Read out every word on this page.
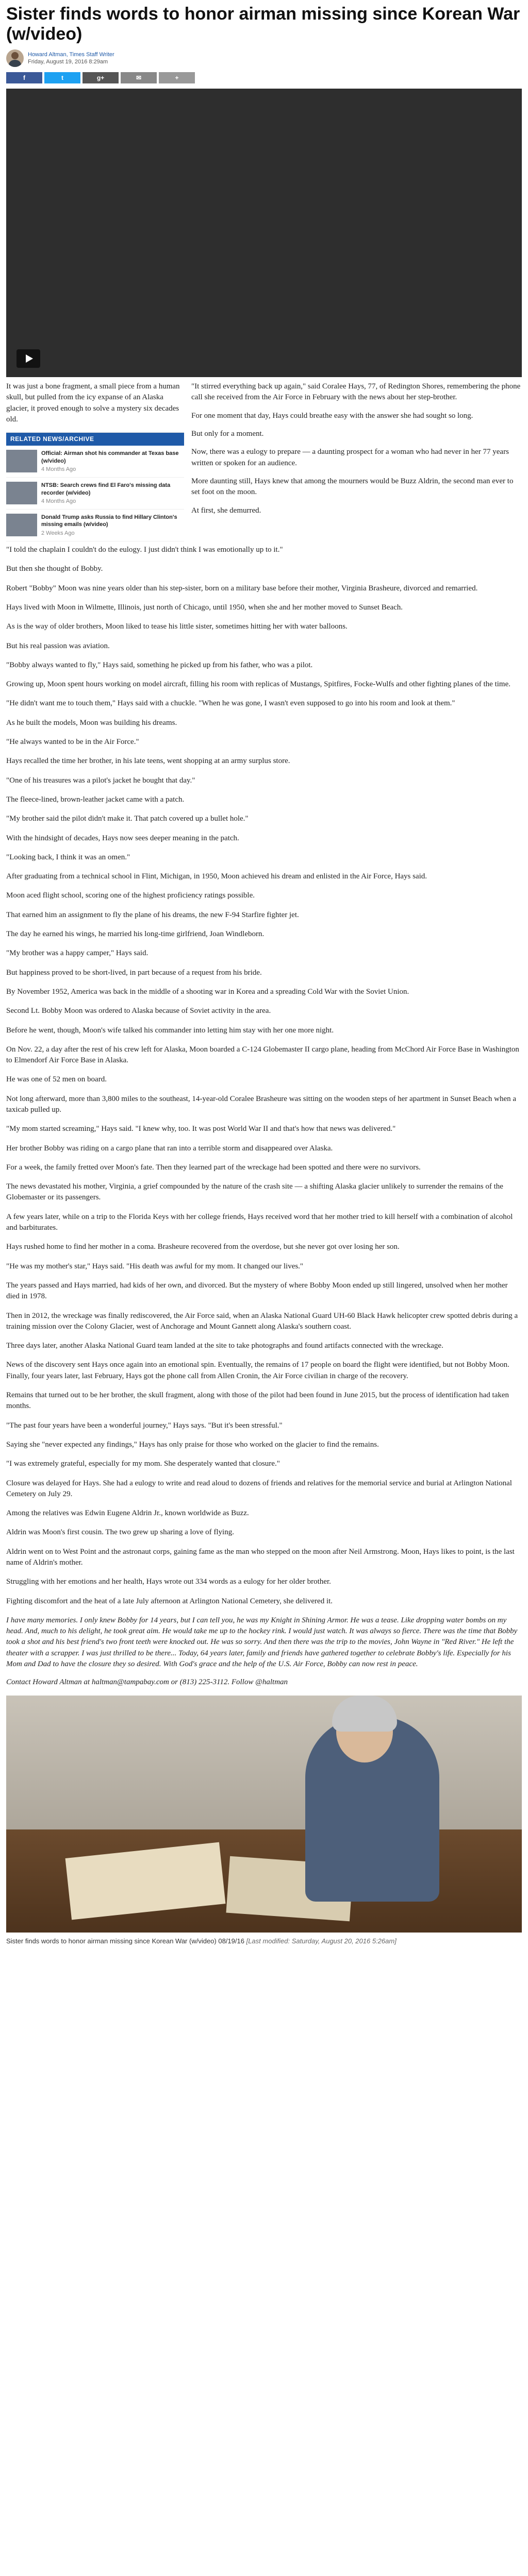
Sister finds words to honor airman missing since Korean War (w/video)
Howard Altman, Times Staff Writer
Friday, August 19, 2016 8:29am
f	t	g+	✉	+

It was just a bone fragment, a small piece from a human skull, but pulled from the icy expanse of an Alaska glacier, it proved enough to solve a mystery six decades old.

RELATED NEWS/ARCHIVE
Official: Airman shot his commander at Texas base (w/video)
4 Months Ago
NTSB: Search crews find El Faro's missing data recorder (w/video)
4 Months Ago
Donald Trump asks Russia to find Hillary Clinton's missing emails (w/video)
2 Weeks Ago

"It stirred everything back up again," said Coralee Hays, 77, of Redington Shores, remembering the phone call she received from the Air Force in February with the news about her step-brother.

For one moment that day, Hays could breathe easy with the answer she had sought so long.

But only for a moment.

Now, there was a eulogy to prepare — a daunting prospect for a woman who had never in her 77 years written or spoken for an audience.

More daunting still, Hays knew that among the mourners would be Buzz Aldrin, the second man ever to set foot on the moon.

At first, she demurred.

"I told the chaplain I couldn't do the eulogy. I just didn't think I was emotionally up to it."

But then she thought of Bobby.

Robert "Bobby" Moon was nine years older than his step-sister, born on a military base before their mother, Virginia Brasheure, divorced and remarried.

Hays lived with Moon in Wilmette, Illinois, just north of Chicago, until 1950, when she and her mother moved to Sunset Beach.

As is the way of older brothers, Moon liked to tease his little sister, sometimes hitting her with water balloons.

But his real passion was aviation.

"Bobby always wanted to fly," Hays said, something he picked up from his father, who was a pilot.

Growing up, Moon spent hours working on model aircraft, filling his room with replicas of Mustangs, Spitfires, Focke-Wulfs and other fighting planes of the time.

"He didn't want me to touch them," Hays said with a chuckle. "When he was gone, I wasn't even supposed to go into his room and look at them."

As he built the models, Moon was building his dreams.

"He always wanted to be in the Air Force."

Hays recalled the time her brother, in his late teens, went shopping at an army surplus store.

"One of his treasures was a pilot's jacket he bought that day."

The fleece-lined, brown-leather jacket came with a patch.

"My brother said the pilot didn't make it. That patch covered up a bullet hole."

With the hindsight of decades, Hays now sees deeper meaning in the patch.

"Looking back, I think it was an omen."

After graduating from a technical school in Flint, Michigan, in 1950, Moon achieved his dream and enlisted in the Air Force, Hays said.

Moon aced flight school, scoring one of the highest proficiency ratings possible.

That earned him an assignment to fly the plane of his dreams, the new F-94 Starfire fighter jet.

The day he earned his wings, he married his long-time girlfriend, Joan Windleborn.

"My brother was a happy camper," Hays said.

But happiness proved to be short-lived, in part because of a request from his bride.

By November 1952, America was back in the middle of a shooting war in Korea and a spreading Cold War with the Soviet Union.

Second Lt. Bobby Moon was ordered to Alaska because of Soviet activity in the area.

Before he went, though, Moon's wife talked his commander into letting him stay with her one more night.

On Nov. 22, a day after the rest of his crew left for Alaska, Moon boarded a C-124 Globemaster II cargo plane, heading from McChord Air Force Base in Washington to Elmendorf Air Force Base in Alaska.

He was one of 52 men on board.

Not long afterward, more than 3,800 miles to the southeast, 14-year-old Coralee Brasheure was sitting on the wooden steps of her apartment in Sunset Beach when a taxicab pulled up.

"My mom started screaming," Hays said. "I knew why, too. It was post World War II and that's how that news was delivered."

Her brother Bobby was riding on a cargo plane that ran into a terrible storm and disappeared over Alaska.

For a week, the family fretted over Moon's fate. Then they learned part of the wreckage had been spotted and there were no survivors.

The news devastated his mother, Virginia, a grief compounded by the nature of the crash site — a shifting Alaska glacier unlikely to surrender the remains of the Globemaster or its passengers.

A few years later, while on a trip to the Florida Keys with her college friends, Hays received word that her mother tried to kill herself with a combination of alcohol and barbiturates.

Hays rushed home to find her mother in a coma. Brasheure recovered from the overdose, but she never got over losing her son.

"He was my mother's star," Hays said. "His death was awful for my mom. It changed our lives."

The years passed and Hays married, had kids of her own, and divorced. But the mystery of where Bobby Moon ended up still lingered, unsolved when her mother died in 1978.

Then in 2012, the wreckage was finally rediscovered, the Air Force said, when an Alaska National Guard UH-60 Black Hawk helicopter crew spotted debris during a training mission over the Colony Glacier, west of Anchorage and Mount Gannett along Alaska's southern coast.

Three days later, another Alaska National Guard team landed at the site to take photographs and found artifacts connected with the wreckage.

News of the discovery sent Hays once again into an emotional spin. Eventually, the remains of 17 people on board the flight were identified, but not Bobby Moon. Finally, four years later, last February, Hays got the phone call from Allen Cronin, the Air Force civilian in charge of the recovery.

Remains that turned out to be her brother, the skull fragment, along with those of the pilot had been found in June 2015, but the process of identification had taken months.

"The past four years have been a wonderful journey," Hays says. "But it's been stressful."

Saying she "never expected any findings," Hays has only praise for those who worked on the glacier to find the remains.

"I was extremely grateful, especially for my mom. She desperately wanted that closure."

Closure was delayed for Hays. She had a eulogy to write and read aloud to dozens of friends and relatives for the memorial service and burial at Arlington National Cemetery on July 29.

Among the relatives was Edwin Eugene Aldrin Jr., known worldwide as Buzz.

Aldrin was Moon's first cousin. The two grew up sharing a love of flying.

Aldrin went on to West Point and the astronaut corps, gaining fame as the man who stepped on the moon after Neil Armstrong. Moon, Hays likes to point, is the last name of Aldrin's mother.

Struggling with her emotions and her health, Hays wrote out 334 words as a eulogy for her older brother.

Fighting discomfort and the heat of a late July afternoon at Arlington National Cemetery, she delivered it.

I have many memories. I only knew Bobby for 14 years, but I can tell you, he was my Knight in Shining Armor. He was a tease. Like dropping water bombs on my head. And, much to his delight, he took great aim. He would take me up to the hockey rink. I would just watch. It was always so fierce. There was the time that Bobby took a shot and his best friend's two front teeth were knocked out. He was so sorry. And then there was the trip to the movies, John Wayne in "Red River." He left the theater with a scrapper. I was just thrilled to be there... Today, 64 years later, family and friends have gathered together to celebrate Bobby's life. Especially for his Mom and Dad to have the closure they so desired. With God's grace and the help of the U.S. Air Force, Bobby can now rest in peace.

Contact Howard Altman at haltman@tampabay.com or (813) 225-3112. Follow @haltman

Sister finds words to honor airman missing since Korean War (w/video) 08/19/16 [Last modified: Saturday, August 20, 2016 5:26am]
